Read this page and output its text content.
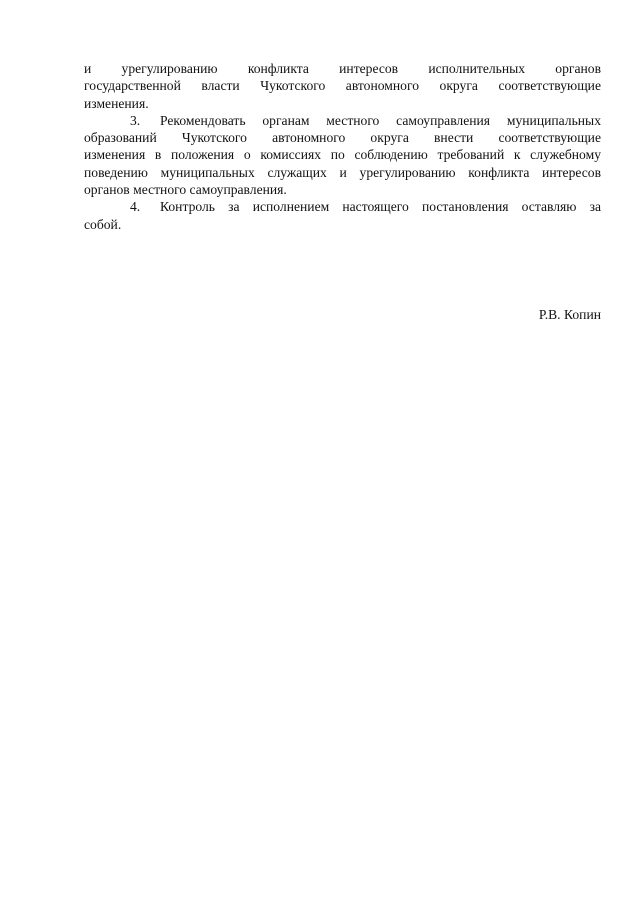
и урегулированию конфликта интересов исполнительных органов
государственной власти Чукотского автономного округа соответствующие
изменения.
3. Рекомендовать органам местного самоуправления муниципальных
образований Чукотского автономного округа внести соответствующие
изменения в положения о комиссиях по соблюдению требований к служебному
поведению муниципальных служащих и урегулированию конфликта интересов
органов местного самоуправления.
4. Контроль за исполнением настоящего постановления оставляю за
собой.
Р.В. Копин
